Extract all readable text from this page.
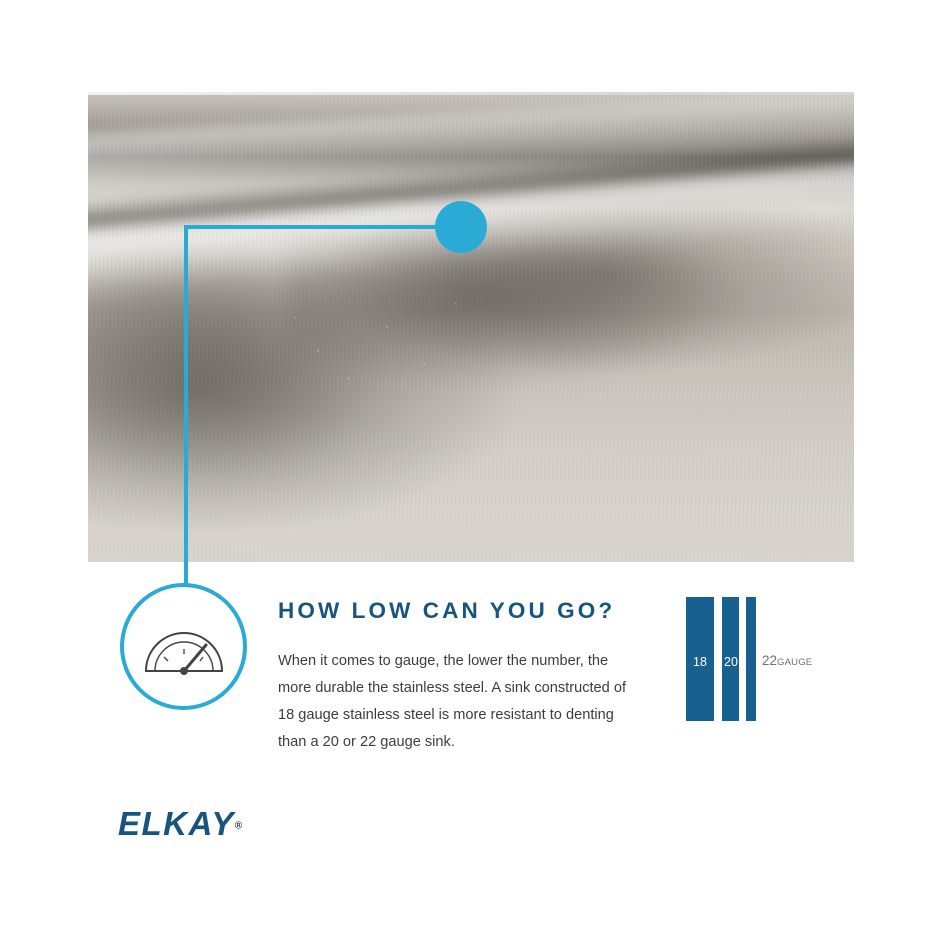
HOW LOW CAN YOU GO?
When it comes to gauge, the lower the number, the more durable the stainless steel. A sink constructed of 18 gauge stainless steel is more resistant to denting than a 20 or 22 gauge sink.
18 20 22GAUGE
ELKAY®
